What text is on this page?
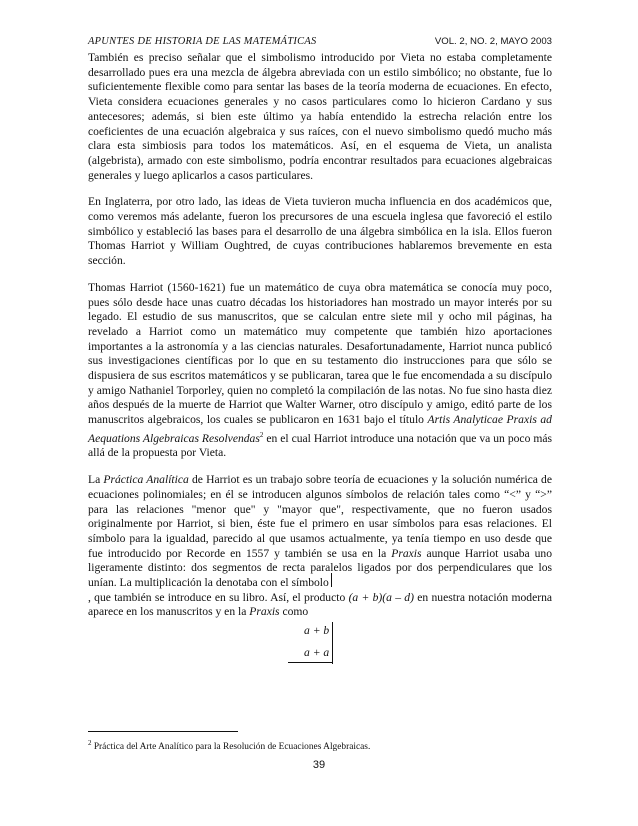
APUNTES DE HISTORIA DE LAS MATEMÁTICAS	VOL. 2, NO. 2, MAYO 2003

También es preciso señalar que el simbolismo introducido por Vieta no estaba completamente desarrollado pues era una mezcla de álgebra abreviada con un estilo simbólico; no obstante, fue lo suficientemente flexible como para sentar las bases de la teoría moderna de ecuaciones. En efecto, Vieta considera ecuaciones generales y no casos particulares como lo hicieron Cardano y sus antecesores; además, si bien este último ya había entendido la estrecha relación entre los coeficientes de una ecuación algebraica y sus raíces, con el nuevo simbolismo quedó mucho más clara esta simbiosis para todos los matemáticos. Así, en el esquema de Vieta, un analista (algebrista), armado con este simbolismo, podría encontrar resultados para ecuaciones algebraicas generales y luego aplicarlos a casos particulares.

En Inglaterra, por otro lado, las ideas de Vieta tuvieron mucha influencia en dos académicos que, como veremos más adelante, fueron los precursores de una escuela inglesa que favoreció el estilo simbólico y estableció las bases para el desarrollo de una álgebra simbólica en la isla. Ellos fueron Thomas Harriot y William Oughtred, de cuyas contribuciones hablaremos brevemente en esta sección.

Thomas Harriot (1560-1621) fue un matemático de cuya obra matemática se conocía muy poco, pues sólo desde hace unas cuatro décadas los historiadores han mostrado un mayor interés por su legado. El estudio de sus manuscritos, que se calculan entre siete mil y ocho mil páginas, ha revelado a Harriot como un matemático muy competente que también hizo aportaciones importantes a la astronomía y a las ciencias naturales. Desafortunadamente, Harriot nunca publicó sus investigaciones científicas por lo que en su testamento dio instrucciones para que sólo se dispusiera de sus escritos matemáticos y se publicaran, tarea que le fue encomendada a su discípulo y amigo Nathaniel Torporley, quien no completó la compilación de las notas. No fue sino hasta diez años después de la muerte de Harriot que Walter Warner, otro discípulo y amigo, editó parte de los manuscritos algebraicos, los cuales se publicaron en 1631 bajo el título Artis Analyticae Praxis ad Aequations Algebraicas Resolvendas$^2$ en el cual Harriot introduce una notación que va un poco más allá de la propuesta por Vieta.

La Práctica Analítica de Harriot es un trabajo sobre teoría de ecuaciones y la solución numérica de ecuaciones polinomiales; en él se introducen algunos símbolos de relación tales como “<” y “>” para las relaciones "menor que" y "mayor que", respectivamente, que no fueron usados originalmente por Harriot, si bien, éste fue el primero en usar símbolos para esas relaciones. El símbolo para la igualdad, parecido al que usamos actualmente, ya tenía tiempo en uso desde que fue introducido por Recorde en 1557 y también se usa en la Praxis aunque Harriot usaba uno ligeramente distinto: dos segmentos de recta paralelos ligados por dos perpendiculares que los unían. La multiplicación la denotaba con el símbolo
, que también se introduce en su libro. Así, el producto (a + b)(a – d) en nuestra notación moderna aparece en los manuscritos y en la Praxis como

a + b
a + a
$^2$ Práctica del Arte Analítico para la Resolución de Ecuaciones Algebraicas.
39
